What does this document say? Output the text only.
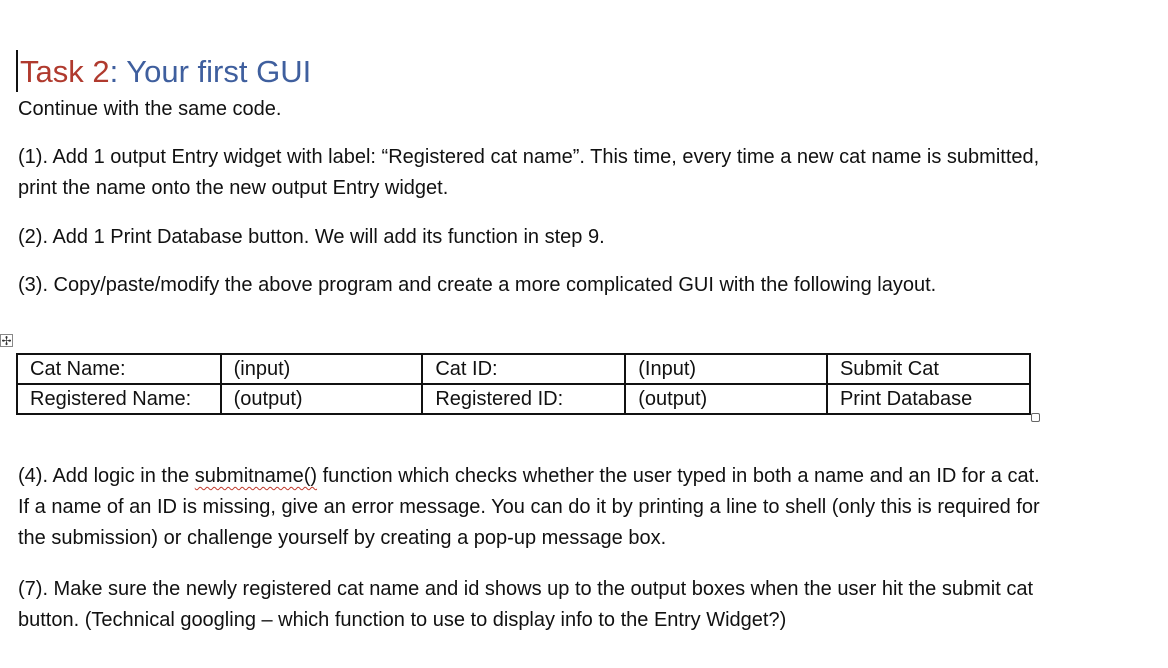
Task 2: Your first GUI
Continue with the same code.
(1). Add 1 output Entry widget with label: “Registered cat name”. This time, every time a new cat name is submitted, print the name onto the new output Entry widget.
(2). Add 1 Print Database button. We will add its function in step 9.
(3). Copy/paste/modify the above program and create a more complicated GUI with the following layout.
✢
Cat Name:	(input)	Cat ID:	(Input)	Submit Cat
Registered Name:	(output)	Registered ID:	(output)	Print Database
(4). Add logic in the submitname() function which checks whether the user typed in both a name and an ID for a cat. If a name of an ID is missing, give an error message. You can do it by printing a line to shell (only this is required for the submission) or challenge yourself by creating a pop-up message box.
(7). Make sure the newly registered cat name and id shows up to the output boxes when the user hit the submit cat button. (Technical googling – which function to use to display info to the Entry Widget?)
